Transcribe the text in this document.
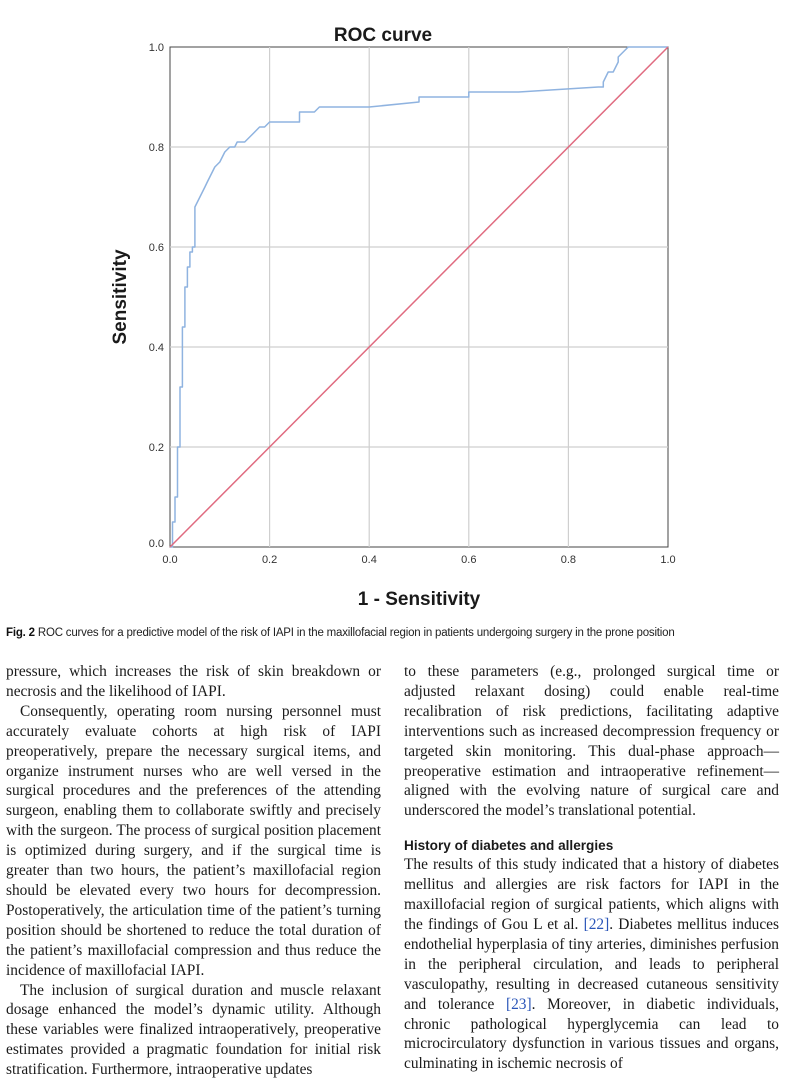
ROC curve
0.0	0.2	0.4	0.6	0.8	1.0
0.0
0.2
0.4
0.6
0.8
1.0
1 - Sensitivity
Sensitivity
Fig. 2 ROC curves for a predictive model of the risk of IAPI in the maxillofacial region in patients undergoing surgery in the prone position

pressure, which increases the risk of skin breakdown or necrosis and the likelihood of IAPI.

Consequently, operating room nursing personnel must accurately evaluate cohorts at high risk of IAPI preoperatively, prepare the necessary surgical items, and organize instrument nurses who are well versed in the surgical procedures and the preferences of the attending surgeon, enabling them to collaborate swiftly and precisely with the surgeon. The process of surgical position placement is optimized during surgery, and if the surgical time is greater than two hours, the patient’s maxillofacial region should be elevated every two hours for decompression. Postoperatively, the articulation time of the patient’s turning position should be shortened to reduce the total duration of the patient’s maxillofacial compression and thus reduce the incidence of maxillofacial IAPI.

The inclusion of surgical duration and muscle relaxant dosage enhanced the model’s dynamic utility. Although these variables were finalized intraoperatively, preoperative estimates provided a pragmatic foundation for initial risk stratification. Furthermore, intraoperative updates

to these parameters (e.g., prolonged surgical time or adjusted relaxant dosing) could enable real-time recalibration of risk predictions, facilitating adaptive interventions such as increased decompression frequency or targeted skin monitoring. This dual-phase approach—preoperative estimation and intraoperative refinement—aligned with the evolving nature of surgical care and underscored the model’s translational potential.

History of diabetes and allergies

The results of this study indicated that a history of diabetes mellitus and allergies are risk factors for IAPI in the maxillofacial region of surgical patients, which aligns with the findings of Gou L et al. [22]. Diabetes mellitus induces endothelial hyperplasia of tiny arteries, diminishes perfusion in the peripheral circulation, and leads to peripheral vasculopathy, resulting in decreased cutaneous sensitivity and tolerance [23]. Moreover, in diabetic individuals, chronic pathological hyperglycemia can lead to microcirculatory dysfunction in various tissues and organs, culminating in ischemic necrosis of
